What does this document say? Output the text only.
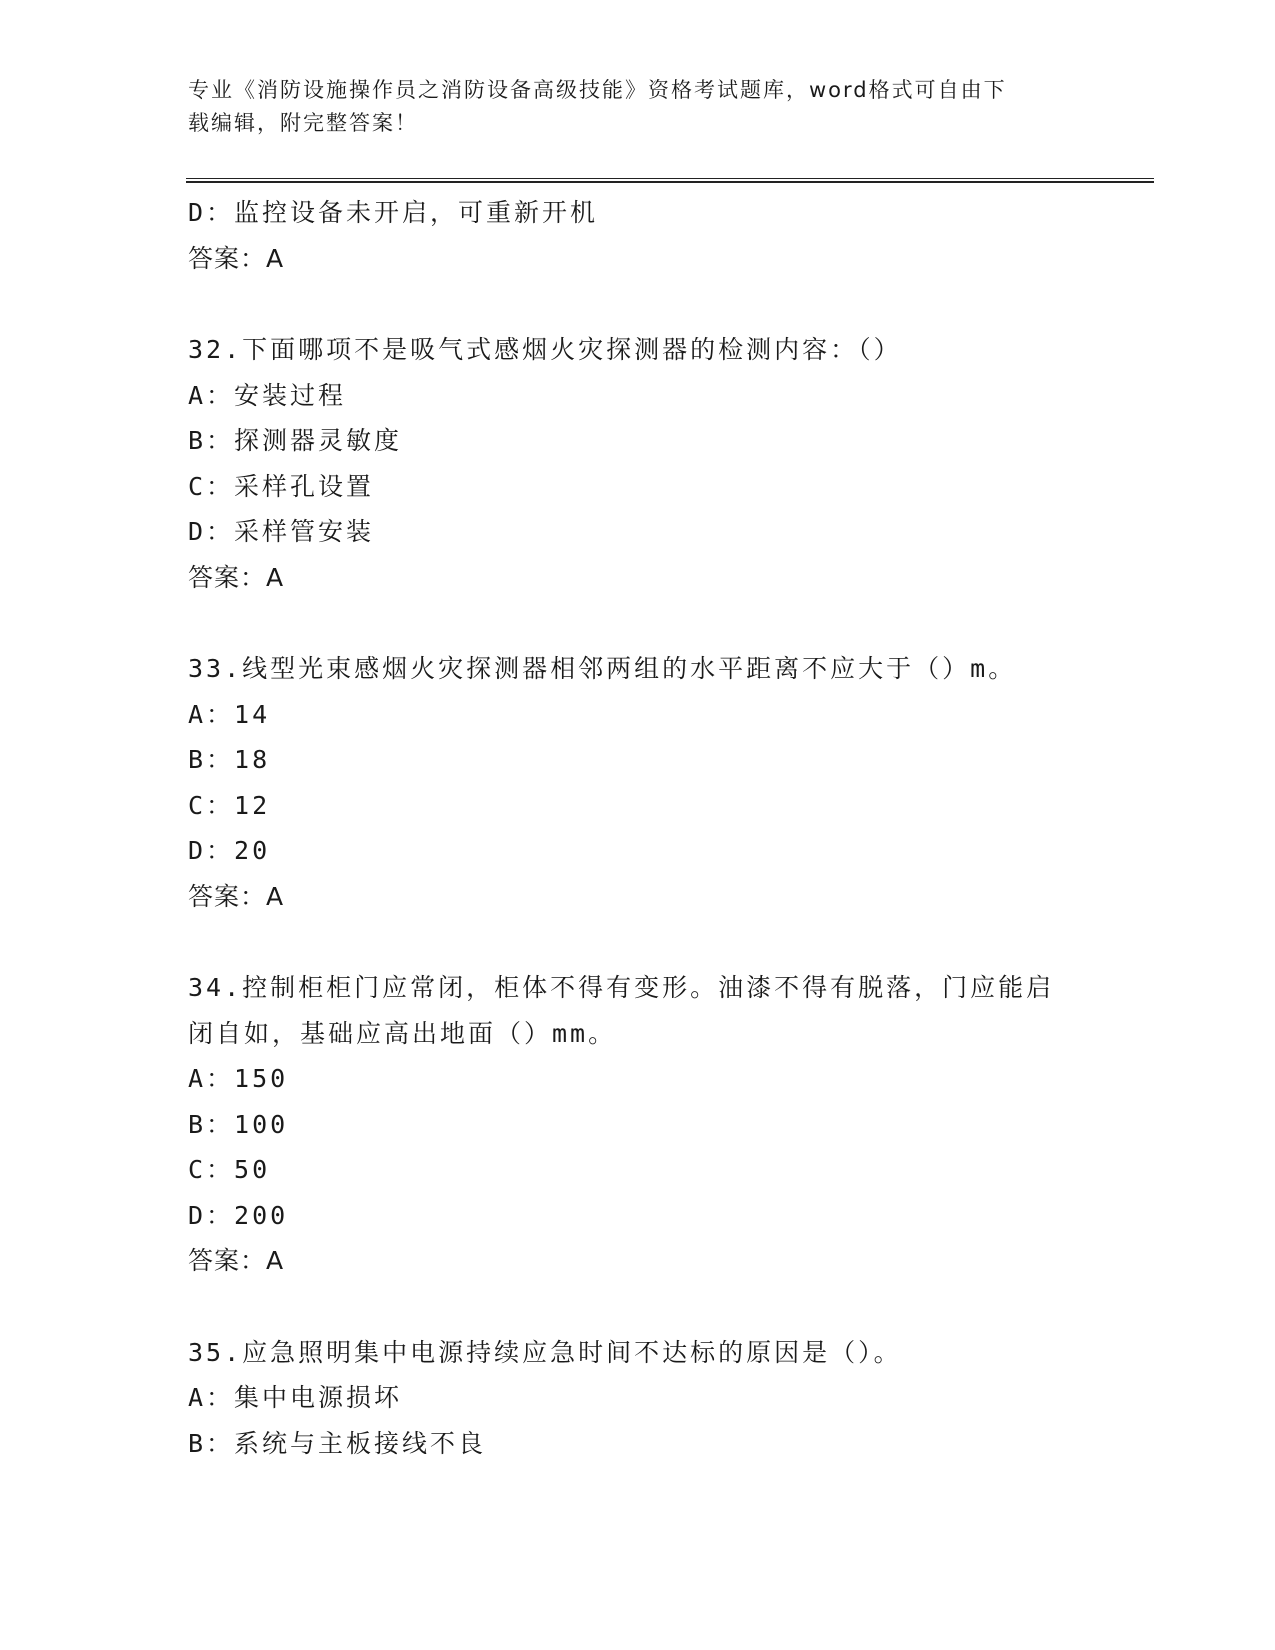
专业《消防设施操作员之消防设备高级技能》资格考试题库，word格式可自由下
载编辑，附完整答案！
D：监控设备未开启，可重新开机
答案：A
32.下面哪项不是吸气式感烟火灾探测器的检测内容：（）
A：安装过程
B：探测器灵敏度
C：采样孔设置
D：采样管安装
答案：A
33.线型光束感烟火灾探测器相邻两组的水平距离不应大于（）m。
A：14
B：18
C：12
D：20
答案：A
34.控制柜柜门应常闭，柜体不得有变形。油漆不得有脱落，门应能启
闭自如，基础应高出地面（）mm。
A：150
B：100
C：50
D：200
答案：A
35.应急照明集中电源持续应急时间不达标的原因是（）。
A：集中电源损坏
B：系统与主板接线不良
